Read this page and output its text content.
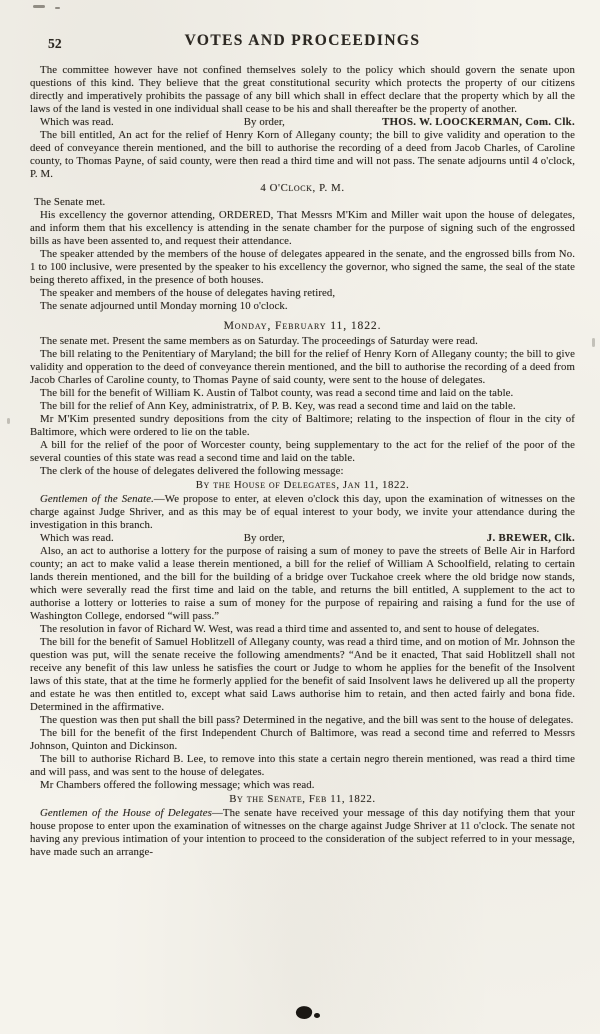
52	VOTES AND PROCEEDINGS

The committee however have not confined themselves solely to the policy which should govern the senate upon questions of this kind. They believe that the great constitutional security which protects the property of our citizens directly and imperatively prohibits the passage of any bill which shall in effect declare that the property which by all the laws of the land is vested in one individual shall cease to be his and shall thereafter be the property of another.

Which was read.	By order,	THOS. W. LOOCKERMAN, Com. Clk.

The bill entitled, An act for the relief of Henry Korn of Allegany county; the bill to give validity and operation to the deed of conveyance therein mentioned, and the bill to authorise the recording of a deed from Jacob Charles, of Caroline county, to Thomas Payne, of said county, were then read a third time and will not pass. The senate adjourns until 4 o'clock, P. M.

4 O'Clock, P. M.

The Senate met.

His excellency the governor attending, ORDERED, That Messrs M'Kim and Miller wait upon the house of delegates, and inform them that his excellency is attending in the senate chamber for the purpose of signing such of the engrossed bills as have been assented to, and request their attendance.

The speaker attended by the members of the house of delegates appeared in the senate, and the engrossed bills from No. 1 to 100 inclusive, were presented by the speaker to his excellency the governor, who signed the same, the seal of the state being thereto affixed, in the presence of both houses.

The speaker and members of the house of delegates having retired,

The senate adjourned until Monday morning 10 o'clock.

Monday, February 11, 1822.

The senate met. Present the same members as on Saturday. The proceedings of Saturday were read.

The bill relating to the Penitentiary of Maryland; the bill for the relief of Henry Korn of Allegany county; the bill to give validity and opperation to the deed of conveyance therein mentioned, and the bill to authorise the recording of a deed from Jacob Charles of Caroline county, to Thomas Payne of said county, were sent to the house of delegates.

The bill for the benefit of William K. Austin of Talbot county, was read a second time and laid on the table.

The bill for the relief of Ann Key, administratrix, of P. B. Key, was read a second time and laid on the table.

Mr M'Kim presented sundry depositions from the city of Baltimore; relating to the inspection of flour in the city of Baltimore, which were ordered to lie on the table.

A bill for the relief of the poor of Worcester county, being supplementary to the act for the relief of the poor of the several counties of this state was read a second time and laid on the table.

The clerk of the house of delegates delivered the following message:

By the House of Delegates, Jan 11, 1822.

Gentlemen of the Senate.—We propose to enter, at eleven o'clock this day, upon the examination of witnesses on the charge against Judge Shriver, and as this may be of equal interest to your body, we invite your attendance during the investigation in this branch.

Which was read.	By order,	J. BREWER, Clk.

Also, an act to authorise a lottery for the purpose of raising a sum of money to pave the streets of Belle Air in Harford county; an act to make valid a lease therein mentioned, a bill for the relief of William A Schoolfield, relating to certain lands therein mentioned, and the bill for the building of a bridge over Tuckahoe creek where the old bridge now stands, which were severally read the first time and laid on the table, and returns the bill entitled, A supplement to the act to authorise a lottery or lotteries to raise a sum of money for the purpose of repairing and raising a fund for the use of Washington College, endorsed “will pass.”

The resolution in favor of Richard W. West, was read a third time and assented to, and sent to house of delegates.

The bill for the benefit of Samuel Hoblitzell of Allegany county, was read a third time, and on motion of Mr. Johnson the question was put, will the senate receive the following amendments? “And be it enacted, That said Hoblitzell shall not receive any benefit of this law unless he satisfies the court or Judge to whom he applies for the benefit of the Insolvent laws of this state, that at the time he formerly applied for the benefit of said Insolvent laws he delivered up all the property and estate he was then entitled to, except what said Laws authorise him to retain, and then acted fairly and bona fide. Determined in the affirmative.

The question was then put shall the bill pass? Determined in the negative, and the bill was sent to the house of delegates.

The bill for the benefit of the first Independent Church of Baltimore, was read a second time and referred to Messrs Johnson, Quinton and Dickinson.

The bill to authorise Richard B. Lee, to remove into this state a certain negro therein mentioned, was read a third time and will pass, and was sent to the house of delegates.

Mr Chambers offered the following message; which was read.

By the Senate, Feb 11, 1822.

Gentlemen of the House of Delegates—The senate have received your message of this day notifying them that your house propose to enter upon the examination of witnesses on the charge against Judge Shriver at 11 o'clock. The senate not having any previous intimation of your intention to proceed to the consideration of the subject referred to in your message, have made such an arrange-
